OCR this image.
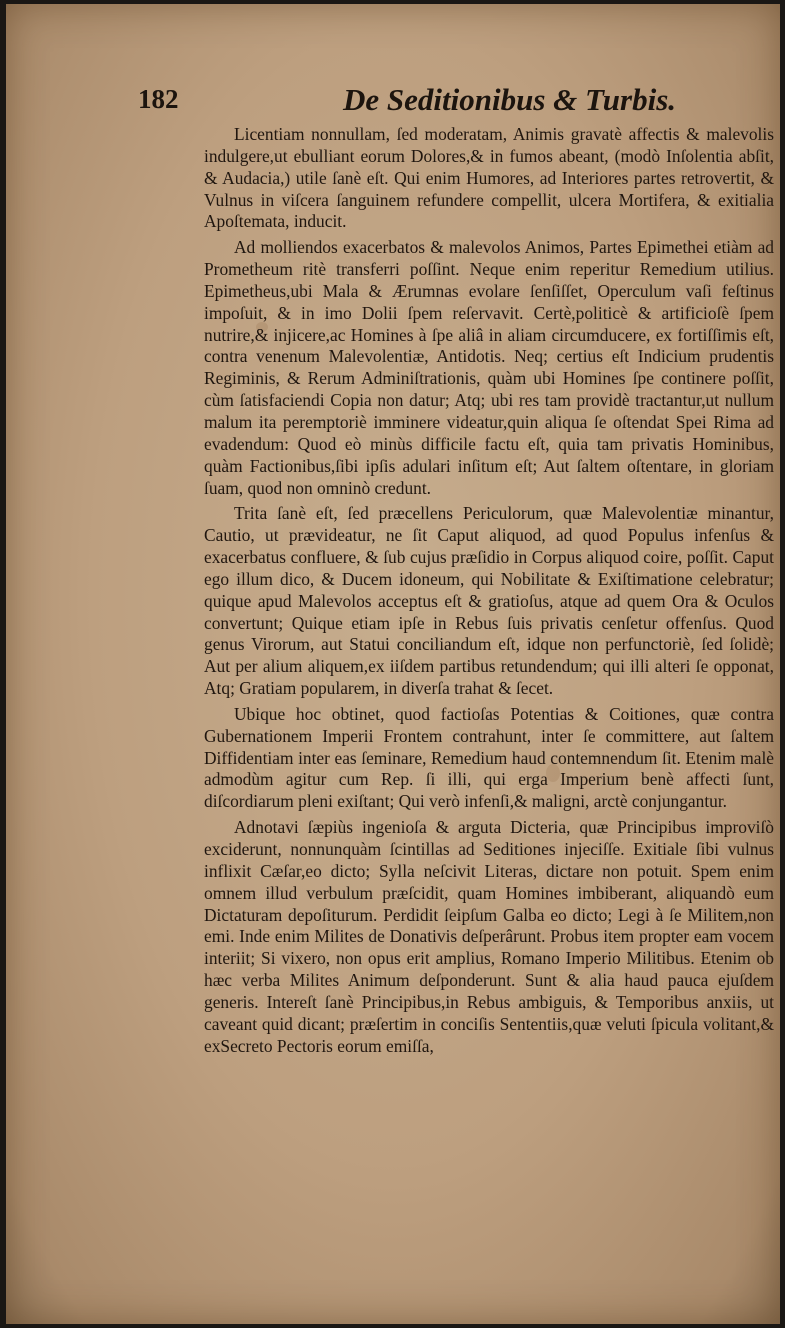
182	De Seditionibus & Turbis.

Licentiam nonnullam, ſed moderatam, Animis gravatè affectis & malevolis indulgere,ut ebulliant eorum Dolores,& in fumos abeant, (modò Inſolentia abſit, & Audacia,) utile ſanè eſt. Qui enim Humores, ad Interiores partes retrovertit, & Vulnus in viſcera ſanguinem refundere compellit, ulcera Mortifera, & exitialia Apoſtemata, inducit.

Ad molliendos exacerbatos & malevolos Animos, Partes Epimethei etiàm ad Prometheum ritè transferri poſſint. Neque enim reperitur Remedium utilius. Epimetheus,ubi Mala & Ærumnas evolare ſenſiſſet, Operculum vaſi feſtinus impoſuit, & in imo Dolii ſpem reſervavit. Certè,politicè & artificioſè ſpem nutrire,& injicere,ac Homines à ſpe aliâ in aliam circumducere, ex fortiſſimis eſt, contra venenum Malevolentiæ, Antidotis. Neq; certius eſt Indicium prudentis Regiminis, & Rerum Adminiſtrationis, quàm ubi Homines ſpe continere poſſit, cùm ſatisfaciendi Copia non datur; Atq; ubi res tam providè tractantur,ut nullum malum ita peremptoriè imminere videatur,quin aliqua ſe oſtendat Spei Rima ad evadendum: Quod eò minùs difficile factu eſt, quia tam privatis Hominibus, quàm Factionibus,ſibi ipſis adulari inſitum eſt; Aut ſaltem oſtentare, in gloriam ſuam, quod non omninò credunt.

Trita ſanè eſt, ſed præcellens Periculorum, quæ Malevolentiæ minantur, Cautio, ut prævideatur, ne ſit Caput aliquod, ad quod Populus infenſus & exacerbatus confluere, & ſub cujus præſidio in Corpus aliquod coire, poſſit. Caput ego illum dico, & Ducem idoneum, qui Nobilitate & Exiſtimatione celebratur; quique apud Malevolos acceptus eſt & gratioſus, atque ad quem Ora & Oculos convertunt; Quique etiam ipſe in Rebus ſuis privatis cenſetur offenſus. Quod genus Virorum, aut Statui conciliandum eſt, idque non perfunctoriè, ſed ſolidè; Aut per alium aliquem,ex iiſdem partibus retundendum; qui illi alteri ſe opponat, Atq; Gratiam popularem, in diverſa trahat & ſecet.

Ubique hoc obtinet, quod factioſas Potentias & Coitiones, quæ contra Gubernationem Imperii Frontem contrahunt, inter ſe committere, aut ſaltem Diffidentiam inter eas ſeminare, Remedium haud contemnendum ſit. Etenim malè admodùm agitur cum Rep. ſi illi, qui erga Imperium benè affecti ſunt, diſcordiarum pleni exiſtant; Qui verò infenſi,& maligni, arctè conjungantur.

Adnotavi ſæpiùs ingenioſa & arguta Dicteria, quæ Principibus improviſò exciderunt, nonnunquàm ſcintillas ad Seditiones injeciſſe. Exitiale ſibi vulnus inflixit Cæſar,eo dicto; Sylla neſcivit Literas, dictare non potuit. Spem enim omnem illud verbulum præſcidit, quam Homines imbiberant, aliquandò eum Dictaturam depoſiturum. Perdidit ſeipſum Galba eo dicto; Legi à ſe Militem,non emi. Inde enim Milites de Donativis deſperârunt. Probus item propter eam vocem interiit; Si vixero, non opus erit amplius, Romano Imperio Militibus. Etenim ob hæc verba Milites Animum deſponderunt. Sunt & alia haud pauca ejuſdem generis. Intereſt ſanè Principibus,in Rebus ambiguis, & Temporibus anxiis, ut caveant quid dicant; præſertim in conciſis Sententiis,quæ veluti ſpicula volitant,& exSecreto Pectoris eorum emiſſa,
